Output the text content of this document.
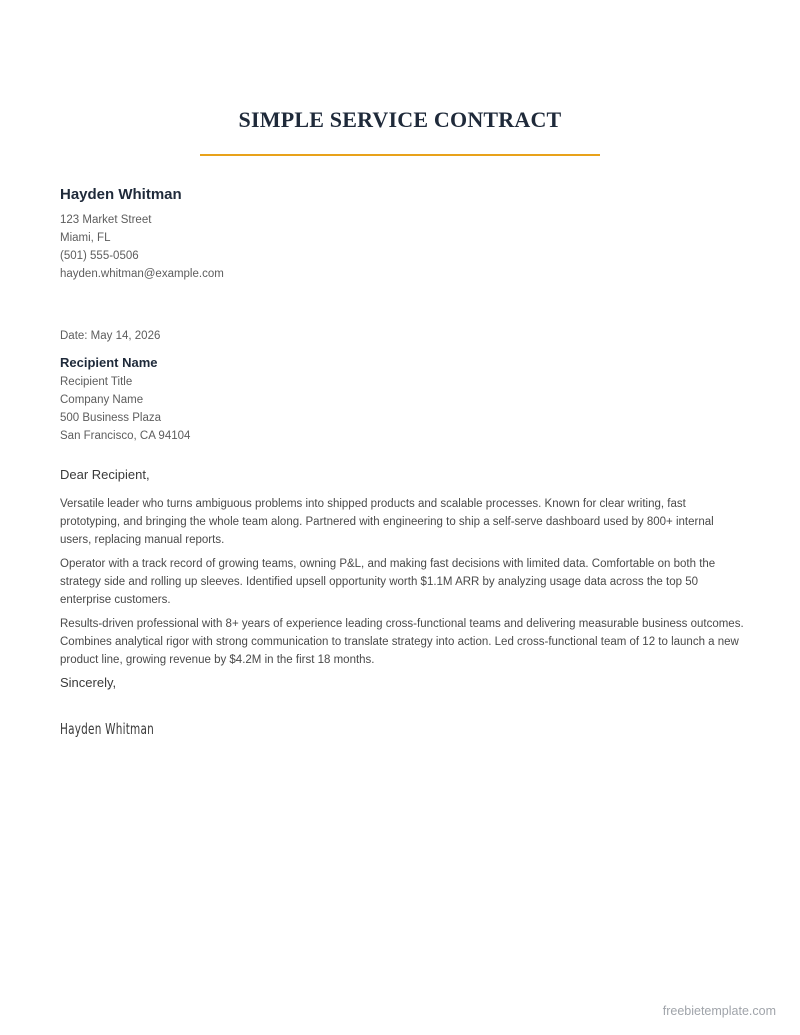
SIMPLE SERVICE CONTRACT

Hayden Whitman

123 Market Street

Miami, FL

(501) 555-0506

hayden.whitman@example.com

Date: May 14, 2026

Recipient Name

Recipient Title

Company Name

500 Business Plaza

San Francisco, CA 94104

Dear Recipient,

Versatile leader who turns ambiguous problems into shipped products and scalable processes. Known for clear writing, fast prototyping, and bringing the whole team along. Partnered with engineering to ship a self-serve dashboard used by 800+ internal users, replacing manual reports.

Operator with a track record of growing teams, owning P&L, and making fast decisions with limited data. Comfortable on both the strategy side and rolling up sleeves. Identified upsell opportunity worth $1.1M ARR by analyzing usage data across the top 50 enterprise customers.

Results-driven professional with 8+ years of experience leading cross-functional teams and delivering measurable business outcomes. Combines analytical rigor with strong communication to translate strategy into action. Led cross-functional team of 12 to launch a new product line, growing revenue by $4.2M in the first 18 months.

Sincerely,
Hayden Whitman
freebietemplate.com
